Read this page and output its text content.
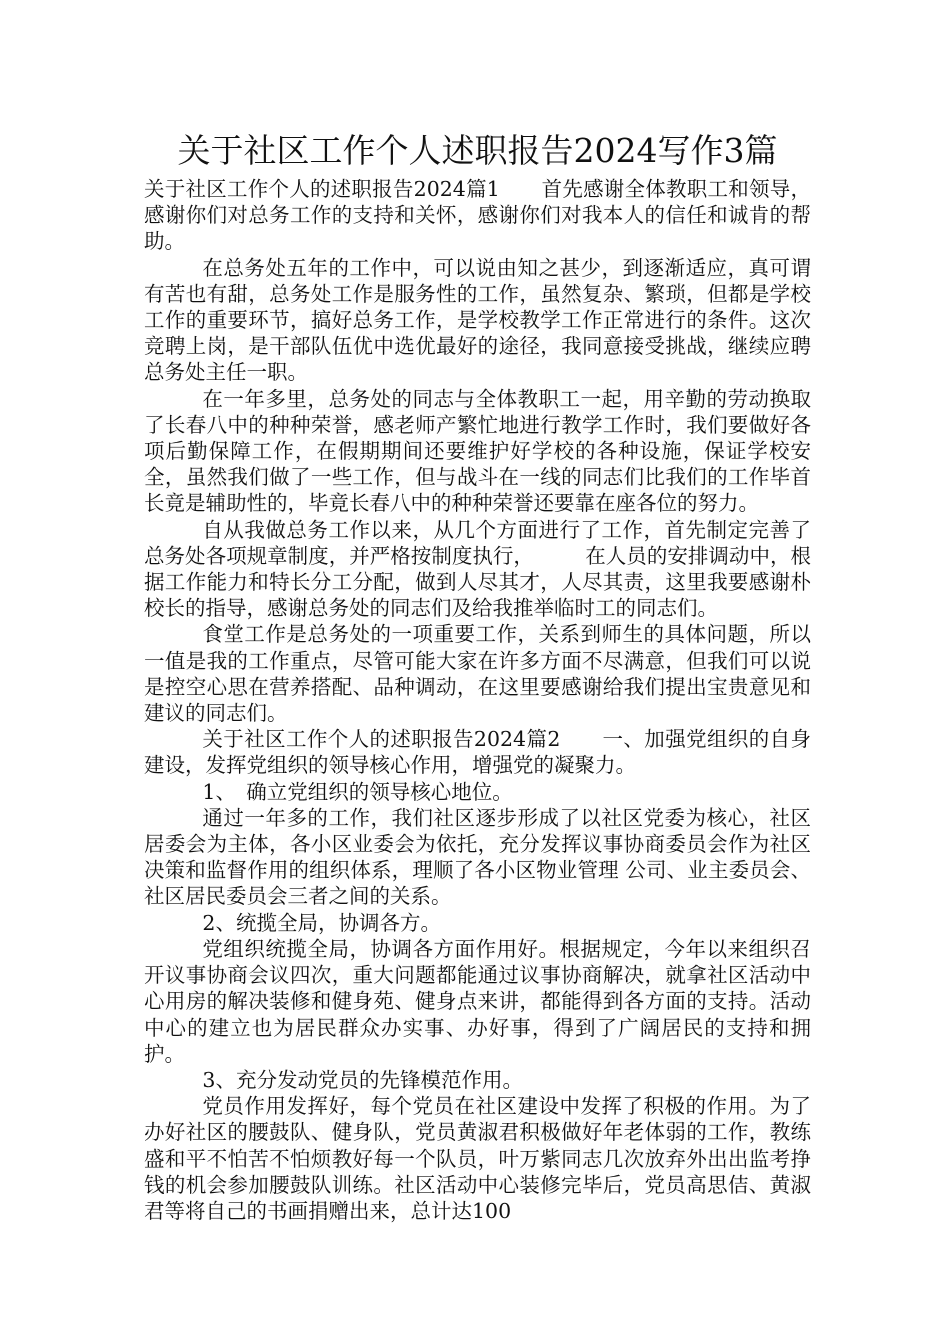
关于社区工作个人述职报告2024写作3篇

关于社区工作个人的述职报告2024篇1　　首先感谢全体教职工和领导，感谢你们对总务工作的支持和关怀，感谢你们对我本人的信任和诚肯的帮助。

在总务处五年的工作中，可以说由知之甚少，到逐渐适应，真可谓有苦也有甜，总务处工作是服务性的工作，虽然复杂、繁琐，但都是学校工作的重要环节，搞好总务工作，是学校教学工作正常进行的条件。这次竞聘上岗，是干部队伍优中选优最好的途径，我同意接受挑战，继续应聘总务处主任一职。

在一年多里，总务处的同志与全体教职工一起，用辛勤的劳动换取了长春八中的种种荣誉，感老师产繁忙地进行教学工作时，我们要做好各项后勤保障工作，在假期期间还要维护好学校的各种设施，保证学校安全，虽然我们做了一些工作，但与战斗在一线的同志们比我们的工作毕首长竟是辅助性的，毕竟长春八中的种种荣誉还要靠在座各位的努力。

自从我做总务工作以来，从几个方面进行了工作，首先制定完善了总务处各项规章制度，并严格按制度执行，　　　在人员的安排调动中，根据工作能力和特长分工分配，做到人尽其才，人尽其责，这里我要感谢朴校长的指导，感谢总务处的同志们及给我推举临时工的同志们。

食堂工作是总务处的一项重要工作，关系到师生的具体问题，所以一值是我的工作重点，尽管可能大家在许多方面不尽满意，但我们可以说是控空心思在营养搭配、品种调动，在这里要感谢给我们提出宝贵意见和建议的同志们。

关于社区工作个人的述职报告2024篇2　　一、加强党组织的自身建设，发挥党组织的领导核心作用，增强党的凝聚力。

1、　确立党组织的领导核心地位。

通过一年多的工作，我们社区逐步形成了以社区党委为核心，社区居委会为主体，各小区业委会为依托，充分发挥议事协商委员会作为社区决策和监督作用的组织体系，理顺了各小区物业管理 公司、业主委员会、社区居民委员会三者之间的关系。

2、统揽全局，协调各方。

党组织统揽全局，协调各方面作用好。根据规定，今年以来组织召开议事协商会议四次，重大问题都能通过议事协商解决，就拿社区活动中心用房的解决装修和健身苑、健身点来讲，都能得到各方面的支持。活动中心的建立也为居民群众办实事、办好事，得到了广阔居民的支持和拥护。

3、充分发动党员的先锋模范作用。

党员作用发挥好，每个党员在社区建设中发挥了积极的作用。为了办好社区的腰鼓队、健身队，党员黄淑君积极做好年老体弱的工作，教练盛和平不怕苦不怕烦教好每一个队员，叶万紫同志几次放弃外出出监考挣钱的机会参加腰鼓队训练。社区活动中心装修完毕后，党员高思佶、黄淑君等将自己的书画捐赠出来，总计达100
